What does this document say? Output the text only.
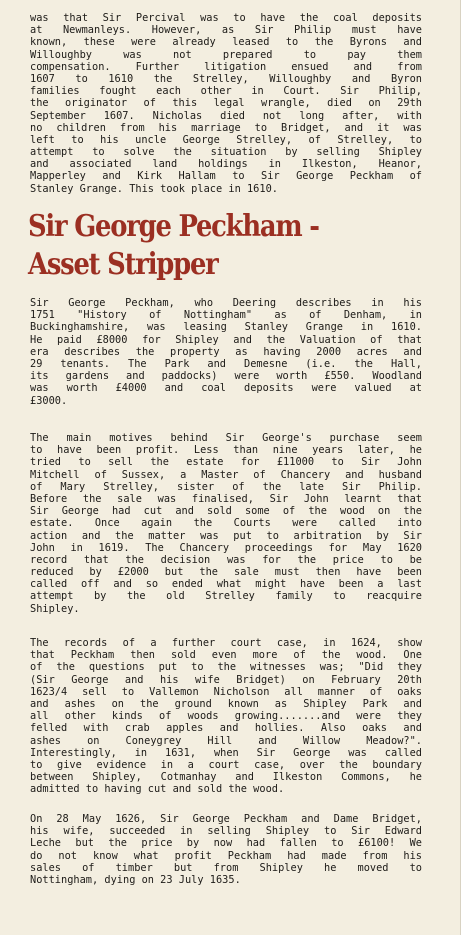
was that Sir Percival was to have the coal deposits
at Newmanleys. However, as Sir Philip must have
known, these were already leased to the Byrons and
Willoughby was not prepared to pay them
compensation. Further litigation ensued and from
1607 to 1610 the Strelley, Willoughby and Byron
families fought each other in Court. Sir Philip,
the originator of this legal wrangle, died on 29th
September 1607. Nicholas died not long after, with
no children from his marriage to Bridget, and it was
left to his uncle George Strelley, of Strelley, to
attempt to solve the situation by selling Shipley
and associated land holdings in Ilkeston, Heanor,
Mapperley and Kirk Hallam to Sir George Peckham of
Stanley Grange. This took place in 1610.
Sir George Peckham -
Asset Stripper
Sir George Peckham, who Deering describes in his
1751 "History of Nottingham" as of Denham, in
Buckinghamshire, was leasing Stanley Grange in 1610.
He paid £8000 for Shipley and the Valuation of that
era describes the property as having 2000 acres and
29 tenants. The Park and Demesne (i.e. the Hall,
its gardens and paddocks) were worth £550. Woodland
was worth £4000 and coal deposits were valued at
£3000.
The main motives behind Sir George's purchase seem
to have been profit. Less than nine years later, he
tried to sell the estate for £11000 to Sir John
Mitchell of Sussex, a Master of Chancery and husband
of Mary Strelley, sister of the late Sir Philip.
Before the sale was finalised, Sir John learnt that
Sir George had cut and sold some of the wood on the
estate. Once again the Courts were called into
action and the matter was put to arbitration by Sir
John in 1619. The Chancery proceedings for May 1620
record that the decision was for the price to be
reduced by £2000 but the sale must then have been
called off and so ended what might have been a last
attempt by the old Strelley family to reacquire
Shipley.
The records of a further court case, in 1624, show
that Peckham then sold even more of the wood. One
of the questions put to the witnesses was; "Did they
(Sir George and his wife Bridget) on February 20th
1623/4 sell to Vallemon Nicholson all manner of oaks
and ashes on the ground known as Shipley Park and
all other kinds of woods growing.......and were they
felled with crab apples and hollies. Also oaks and
ashes on Coneygrey Hill and Willow Meadow?".
Interestingly, in 1631, when Sir George was called
to give evidence in a court case, over the boundary
between Shipley, Cotmanhay and Ilkeston Commons, he
admitted to having cut and sold the wood.
On 28 May 1626, Sir George Peckham and Dame Bridget,
his wife, succeeded in selling Shipley to Sir Edward
Leche but the price by now had fallen to £6100! We
do not know what profit Peckham had made from his
sales of timber but from Shipley he moved to
Nottingham, dying on 23 July 1635.
